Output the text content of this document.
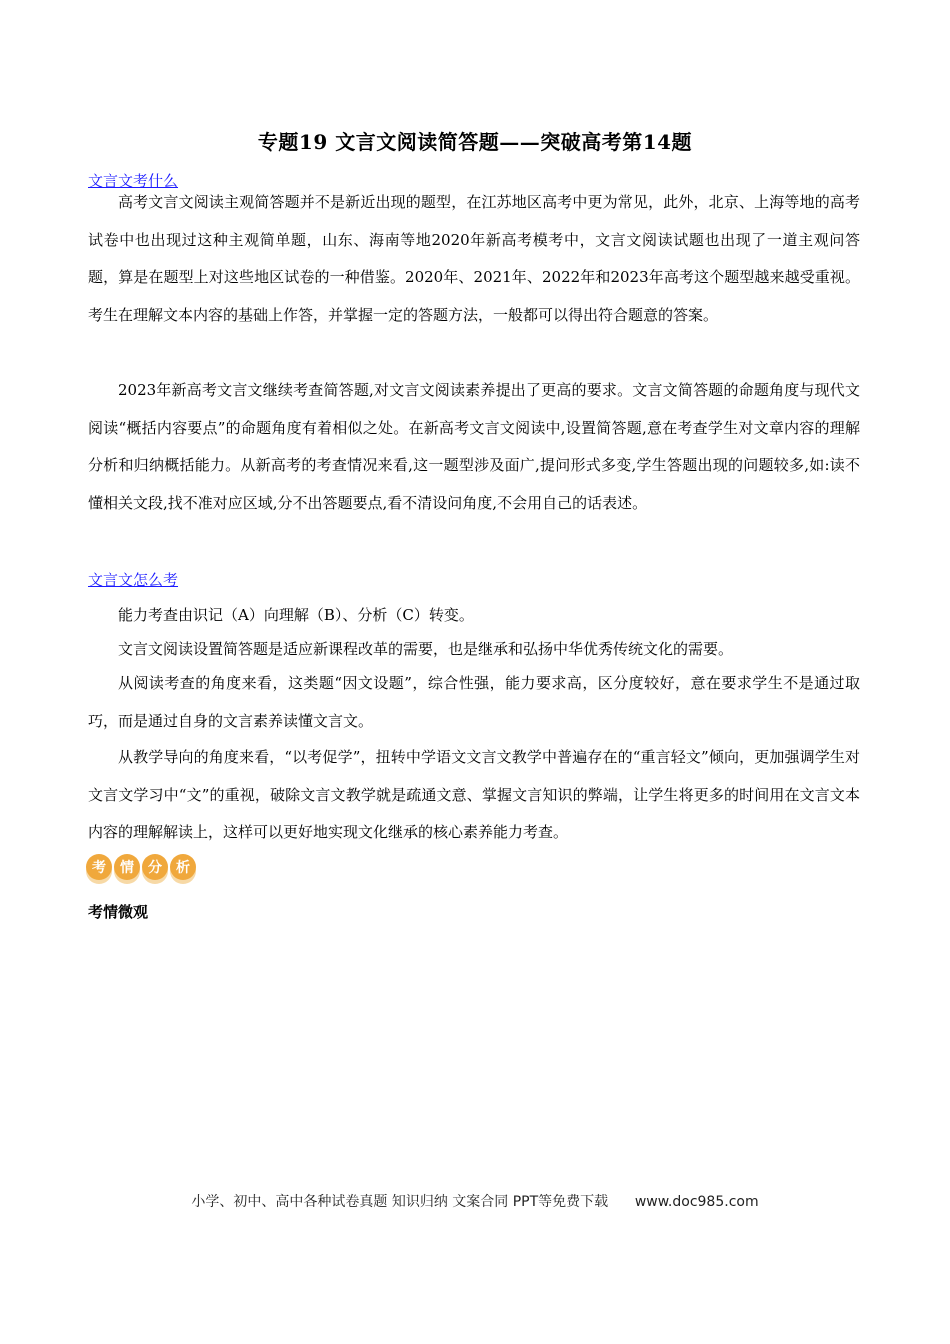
专题19 文言文阅读简答题——突破高考第14题
文言文考什么

高考文言文阅读主观简答题并不是新近出现的题型，在江苏地区高考中更为常见，此外，北京、上海等地的高考试卷中也出现过这种主观简单题，山东、海南等地2020年新高考模考中，文言文阅读试题也出现了一道主观问答题，算是在题型上对这些地区试卷的一种借鉴。2020年、2021年、2022年和2023年高考这个题型越来越受重视。考生在理解文本内容的基础上作答，并掌握一定的答题方法，一般都可以得出符合题意的答案。

2023年新高考文言文继续考查简答题,对文言文阅读素养提出了更高的要求。文言文简答题的命题角度与现代文阅读“概括内容要点”的命题角度有着相似之处。在新高考文言文阅读中,设置简答题,意在考查学生对文章内容的理解分析和归纳概括能力。从新高考的考查情况来看,这一题型涉及面广,提问形式多变,学生答题出现的问题较多,如:读不懂相关文段,找不准对应区域,分不出答题要点,看不清设问角度,不会用自己的话表述。

文言文怎么考
能力考查由识记（A）向理解（B）、分析（C）转变。
文言文阅读设置简答题是适应新课程改革的需要，也是继承和弘扬中华优秀传统文化的需要。

从阅读考查的角度来看，这类题“因文设题”，综合性强，能力要求高，区分度较好，意在要求学生不是通过取巧，而是通过自身的文言素养读懂文言文。

从教学导向的角度来看，“以考促学”，扭转中学语文文言文教学中普遍存在的“重言轻文”倾向，更加强调学生对文言文学习中“文”的重视，破除文言文教学就是疏通文意、掌握文言知识的弊端，让学生将更多的时间用在文言文本内容的理解解读上，这样可以更好地实现文化继承的核心素养能力考查。

考	情	分	析
考情微观
小学、初中、高中各种试卷真题 知识归纳 文案合同 PPT等免费下载      www.doc985.com
